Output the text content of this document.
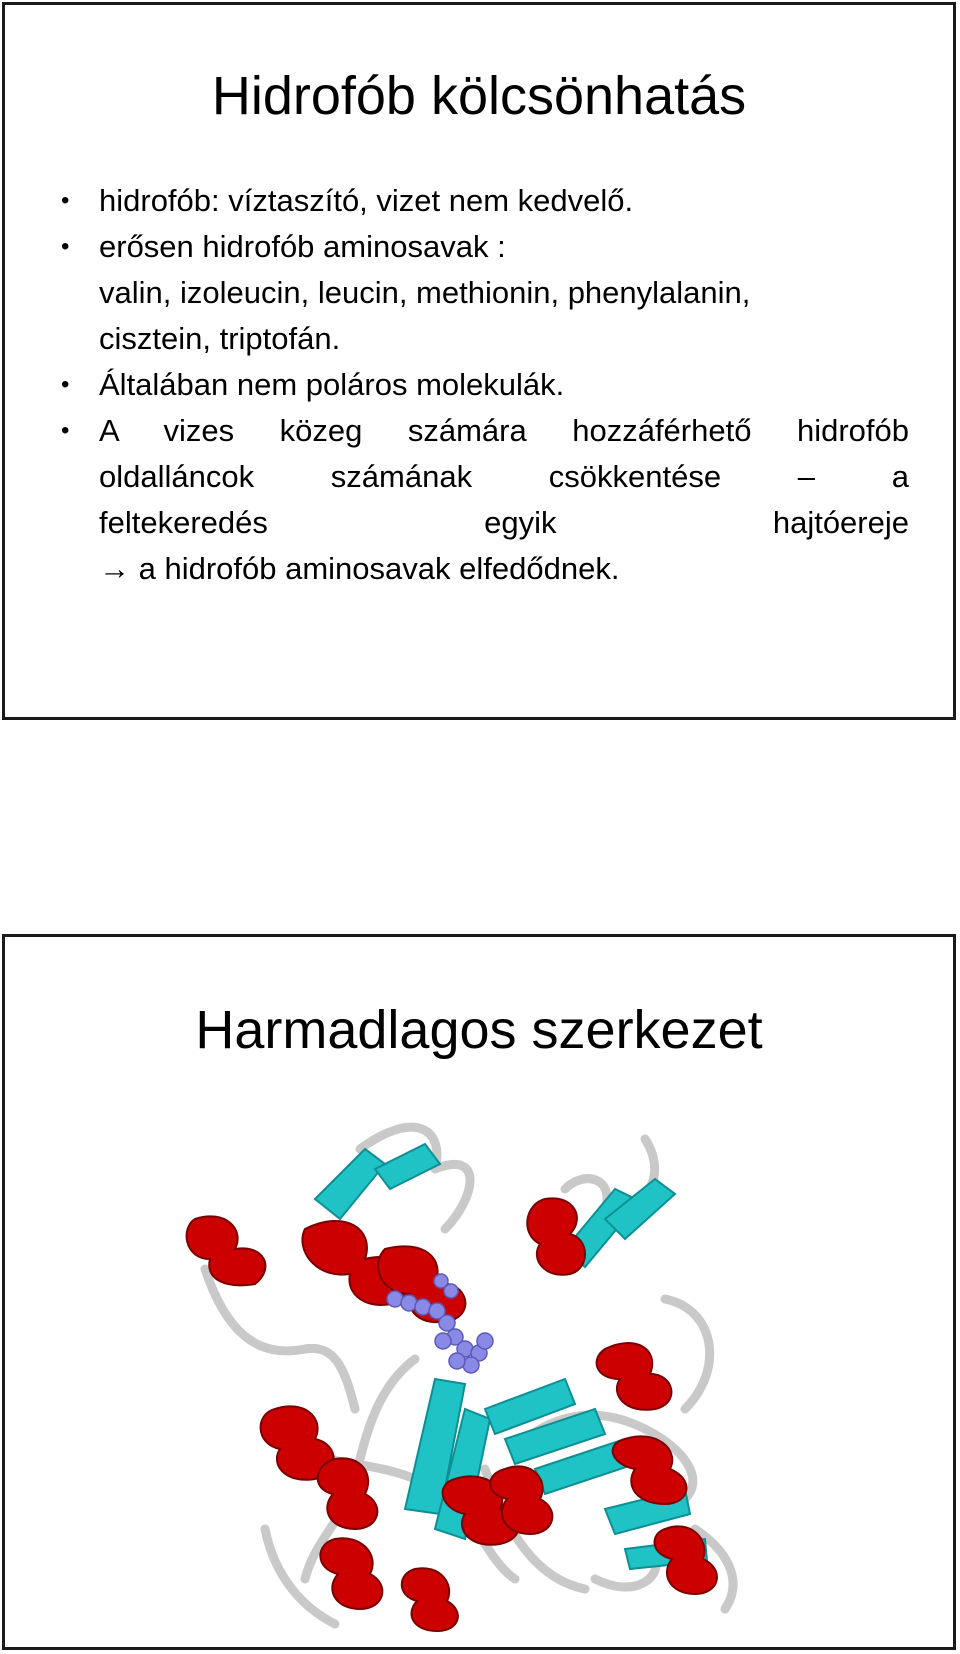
Hidrofób kölcsönhatás
• hidrofób: víztaszító, vizet nem kedvelő.
• erősen hidrofób aminosavak :
valin, izoleucin, leucin, methionin, phenylalanin,
cisztein, triptofán.
• Általában nem poláros molekulák.
• A vizes közeg számára hozzáférhető hidrofób
oldalláncok számának csökkentése – a
feltekeredés egyik hajtóereje
→ a hidrofób aminosavak elfedődnek.
Harmadlagos szerkezet
